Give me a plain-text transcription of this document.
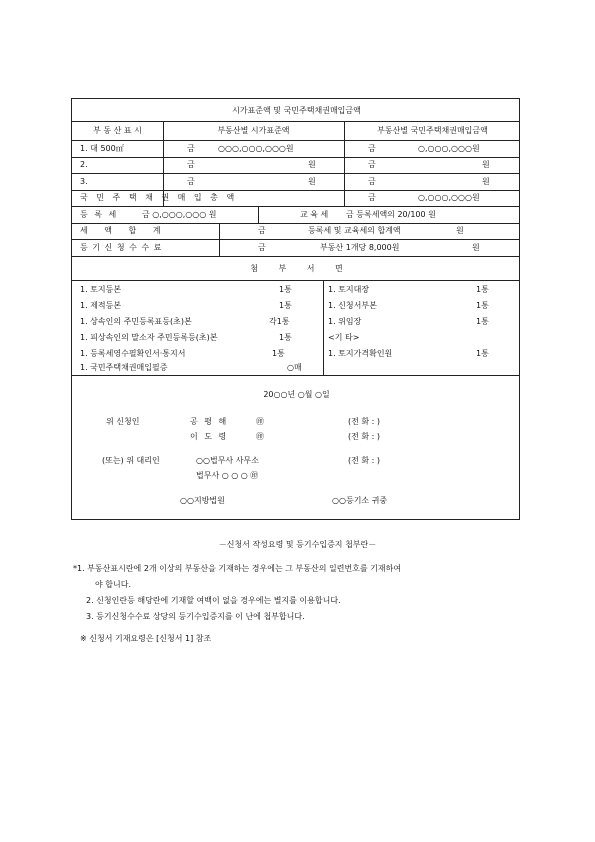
시가표준액 및 국민주택채권매입금액
부 동 산 표 시	부동산별 시가표준액	부동산별 국민주택채권매입금액
1. 대 500㎡	금	○○○,○○○,○○○원	금	○,○○○,○○○원
2.	금	원	금	원
3.	금	원	금	원
국 민 주 택 채 권 매 입 총 액	금	○,○○○,○○○원
등 록 세	금 ○,○○○,○○○ 원	교 육 세 금 등록세액의 20/100 원
세 액 합 계	금	등록세 및 교육세의 합계액	원
등 기 신 청 수 수 료	금	부동산 1개당 8,000원	원
첨 부 서 면
1. 토지등본	1통
1. 제적등본	1통
1. 상속인의 주민등록표등(초)본	각1통
1. 피상속인의 말소자 주민등록등(초)본	1통
1. 등록세영수필확인서·통지서	1통
1. 국민주택채권매입필증	○매
1. 토지대장	1통
1. 신청서부본	1통
1. 위임장	1통
<기 타>
1. 토지가격확인원	1통
20○○년 ○월 ○일
위 신청인	공 평 해	㊞	(전 화 : )
이 도 령	㊞	(전 화 : )
(또는) 위 대리인	○○법무사 사무소	(전 화 : )
법무사 ○ ○ ○ ㊞
○○지방법원	○○등기소 귀중
－신청서 작성요령 및 등기수입증지 첩부란－
*1. 부동산표시란에 2개 이상의 부동산을 기재하는 경우에는 그 부동산의 일련번호를 기재하여
야 합니다.
2. 신청인란등 해당란에 기재할 여백이 없을 경우에는 별지를 이용합니다.
3. 등기신청수수료 상당의 등기수입증지를 이 난에 첩부합니다.
※ 신청서 기재요령은 [신청서 1] 참조
